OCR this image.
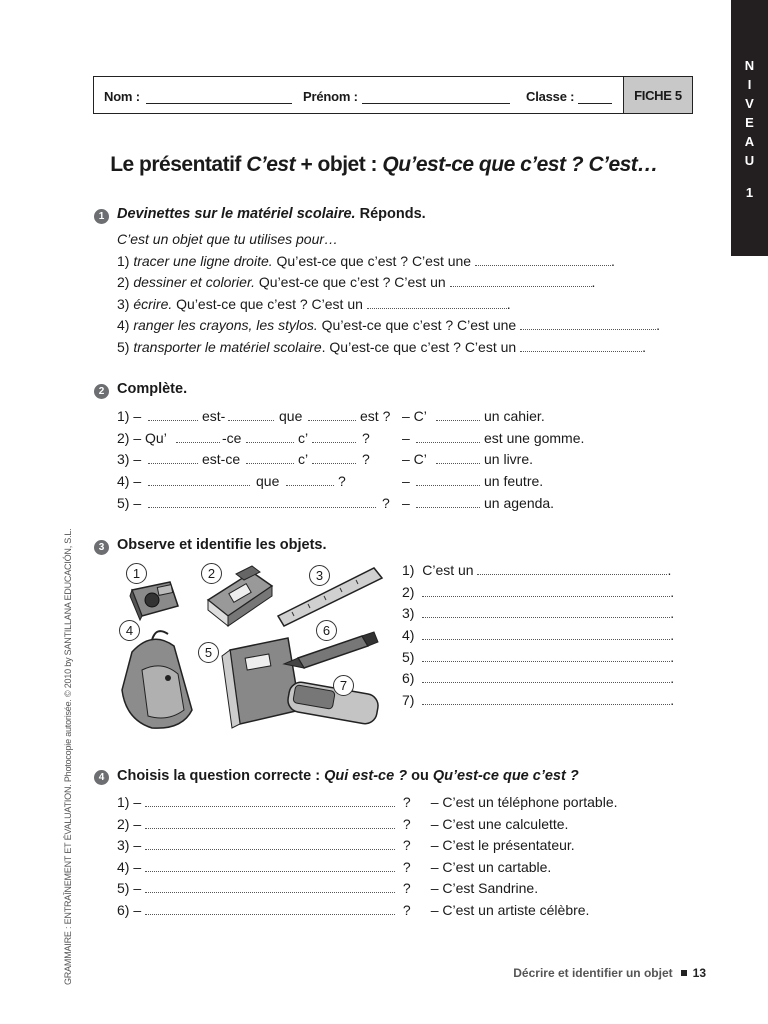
N
I
V
E
A
U
1
Nom :	Prénom :	Classe :	FICHE 5
Le présentatif C’est + objet : Qu’est-ce que c’est ? C’est…
1 Devinettes sur le matériel scolaire. Réponds.
C’est un objet que tu utilises pour…
1) tracer une ligne droite. Qu’est-ce que c’est ? C’est une	.
2) dessiner et colorier. Qu’est-ce que c’est ? C’est un	.
3) écrire. Qu’est-ce que c’est ? C’est un	.
4) ranger les crayons, les stylos. Qu’est-ce que c’est ? C’est une	.
5) transporter le matériel scolaire. Qu’est-ce que c’est ? C’est un	.
2 Complète.
1) –	est-	que	est ? – C’	un cahier.
2) – Qu’	-ce	c’	? –	est une gomme.
3) –	est-ce	c’	? – C’	un livre.
4) –	que	?	–	un feutre.
5) –	? –	un agenda.
3 Observe et identifie les objets.
1	2	3
4
5
6
7
1) C’est un	.
2)	.
3)	.
4)	.
5)	.
6)	.
7)	.
4 Choisis la question correcte : Qui est-ce ? ou Qu’est-ce que c’est ?
1) –	? – C’est un téléphone portable.
2) –	? – C’est une calculette.
3) –	? – C’est le présentateur.
4) –	? – C’est un cartable.
5) –	? – C’est Sandrine.
6) –	? – C’est un artiste célèbre.
Décrire et identifier un objet 13
GRAMMAIRE : ENTRAÎNEMENT ET ÉVALUATION. Photocopie autorisée. © 2010 by SANTILLANA EDUCACIÓN, S.L.
